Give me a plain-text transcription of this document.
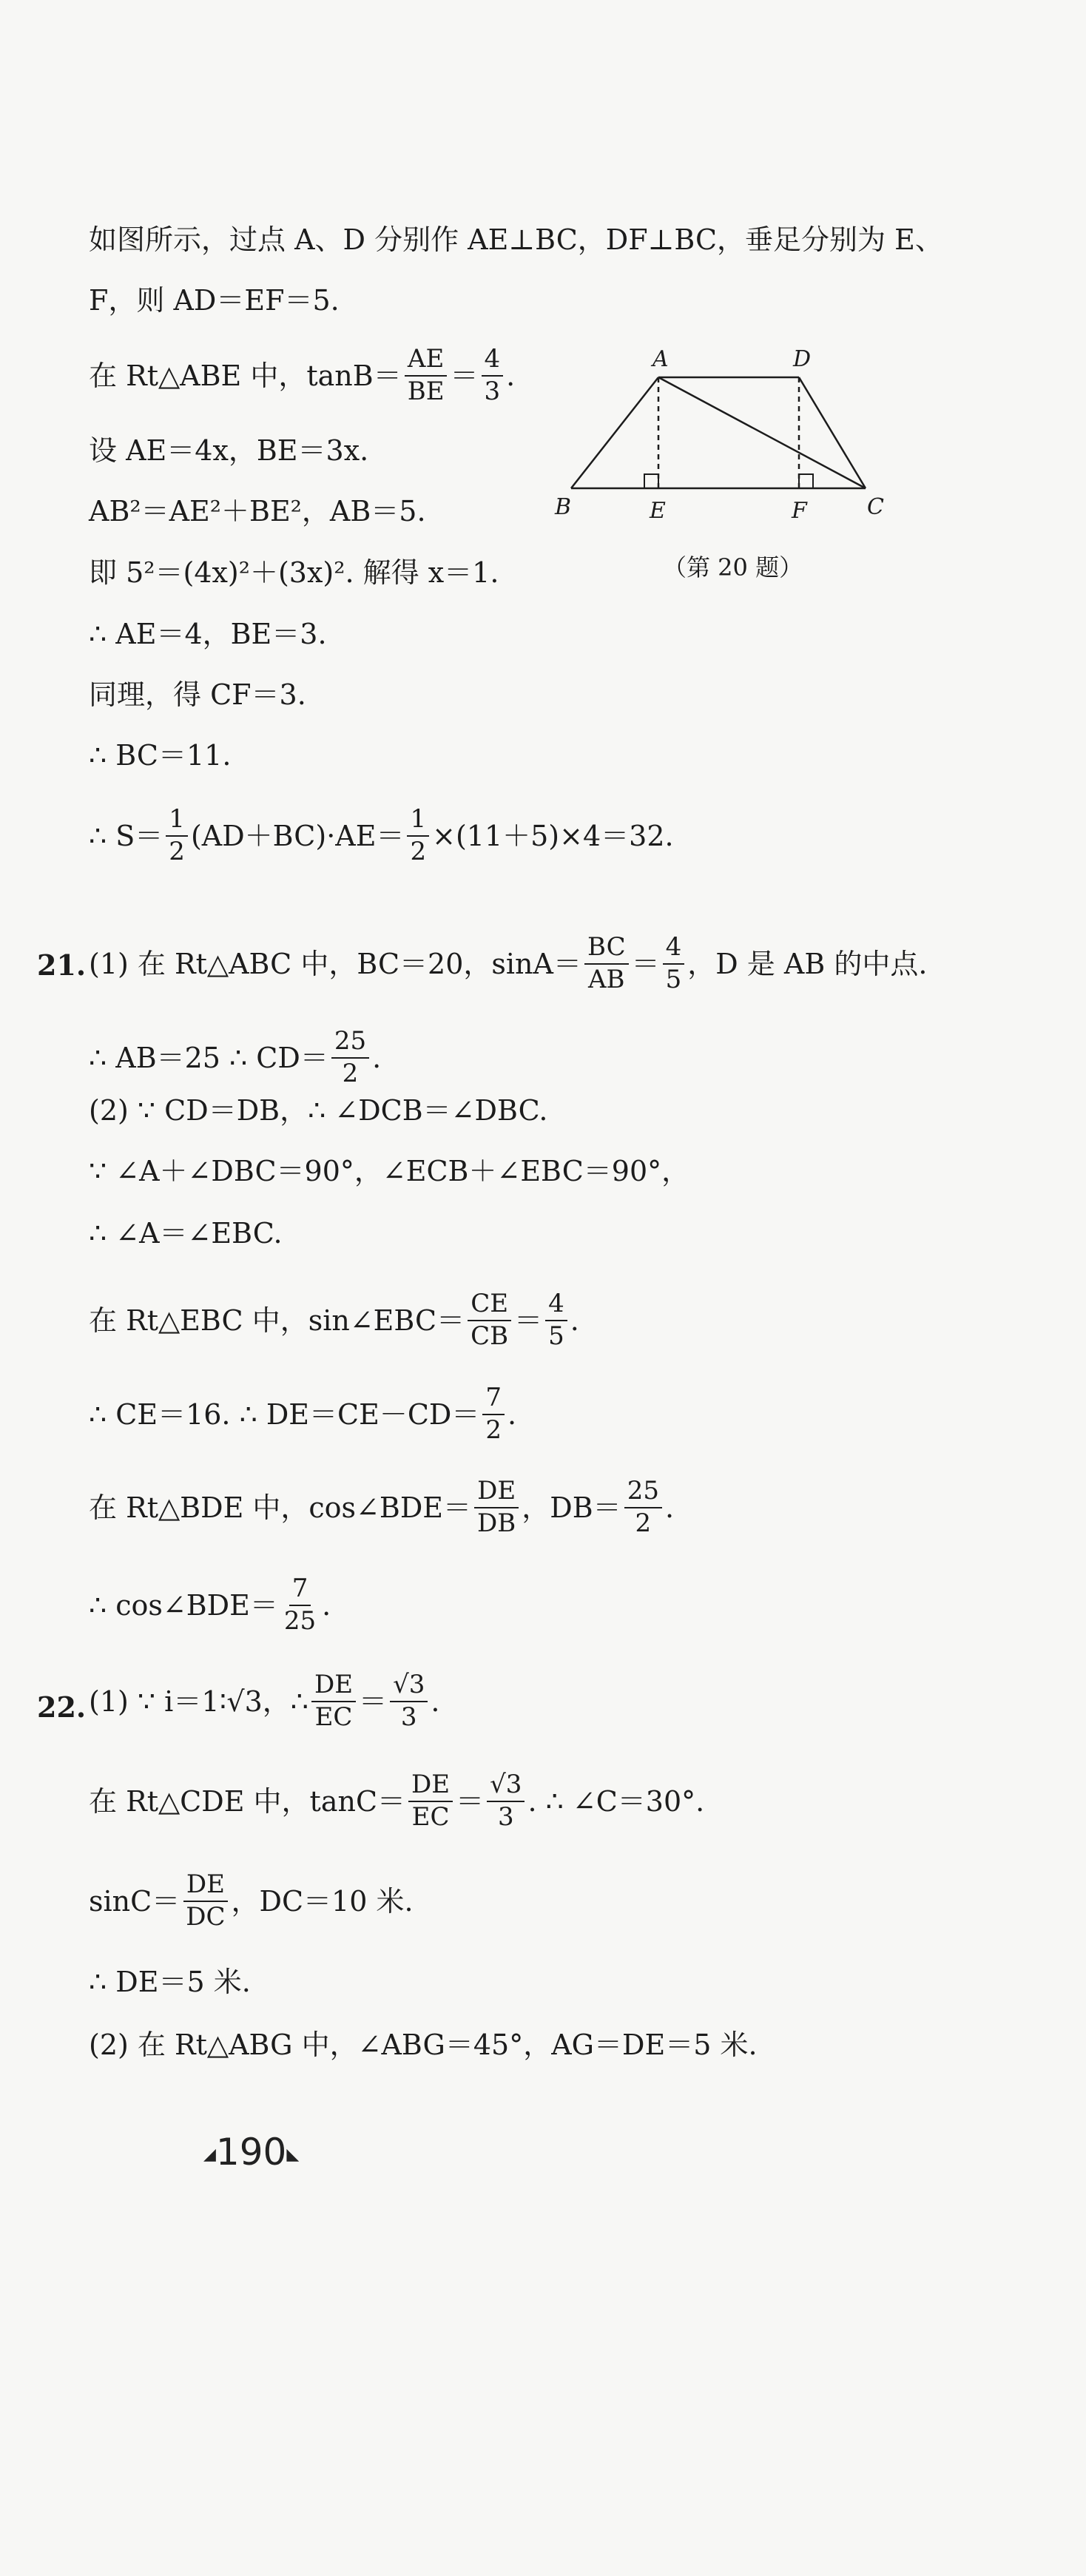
如图所示，过点 A、D 分别作 AE⊥BC，DF⊥BC，垂足分别为 E、
F，则 AD＝EF＝5.
在 Rt△ABE 中，$\tan B= \frac{AE}{BE} = \frac{4}{3}$ .
设 AE＝4x，BE＝3x.
AB²＝AE²＋BE²，AB＝5.
即 5²＝(4x)²＋(3x)². 解得 x＝1.
∴ AE＝4，BE＝3.
同理，得 CF＝3.
∴ BC＝11.
∴ $S= \frac{1}{2} (AD+BC)\cdot AE= \frac{1}{2} \times(11+5)\times 4=32$.
A	D
B	E	F	C
（第 20 题）
21. (1) 在 Rt△ABC 中，BC＝20，$\sin A= \frac{BC}{AB} = \frac{4}{5}$ ，D 是 AB 的中点.
∴ AB＝25 ∴ $CD= \frac{25}{2}$ .
(2) ∵ CD＝DB，∴ ∠DCB＝∠DBC.
∵ ∠A＋∠DBC＝90°，∠ECB＋∠EBC＝90°，
∴ ∠A＝∠EBC.
在 Rt△EBC 中，sin∠EBC＝ $\frac{CE}{CB} = \frac{4}{5}$ .
∴ CE＝16. ∴ $DE=CE-CD= \frac{7}{2}$ .
在 Rt△BDE 中，cos∠BDE＝ $\frac{DE}{DB}$ ，$DB= \frac{25}{2}$ .
∴ cos∠BDE＝ $\frac{7}{25}$ .
22. (1) ∵ i＝1∶√3，∴ $\frac{DE}{EC} = \frac{√3}{3}$ .
在 Rt△CDE 中，$\tan C= \frac{DE}{EC} = \frac{√3}{3}$ . ∴ ∠C＝30°.
$\sin C= \frac{DE}{DC}$ ，DC＝10 米.
∴ DE＝5 米.
(2) 在 Rt△ABG 中，∠ABG＝45°，AG＝DE＝5 米.
◢190◣
